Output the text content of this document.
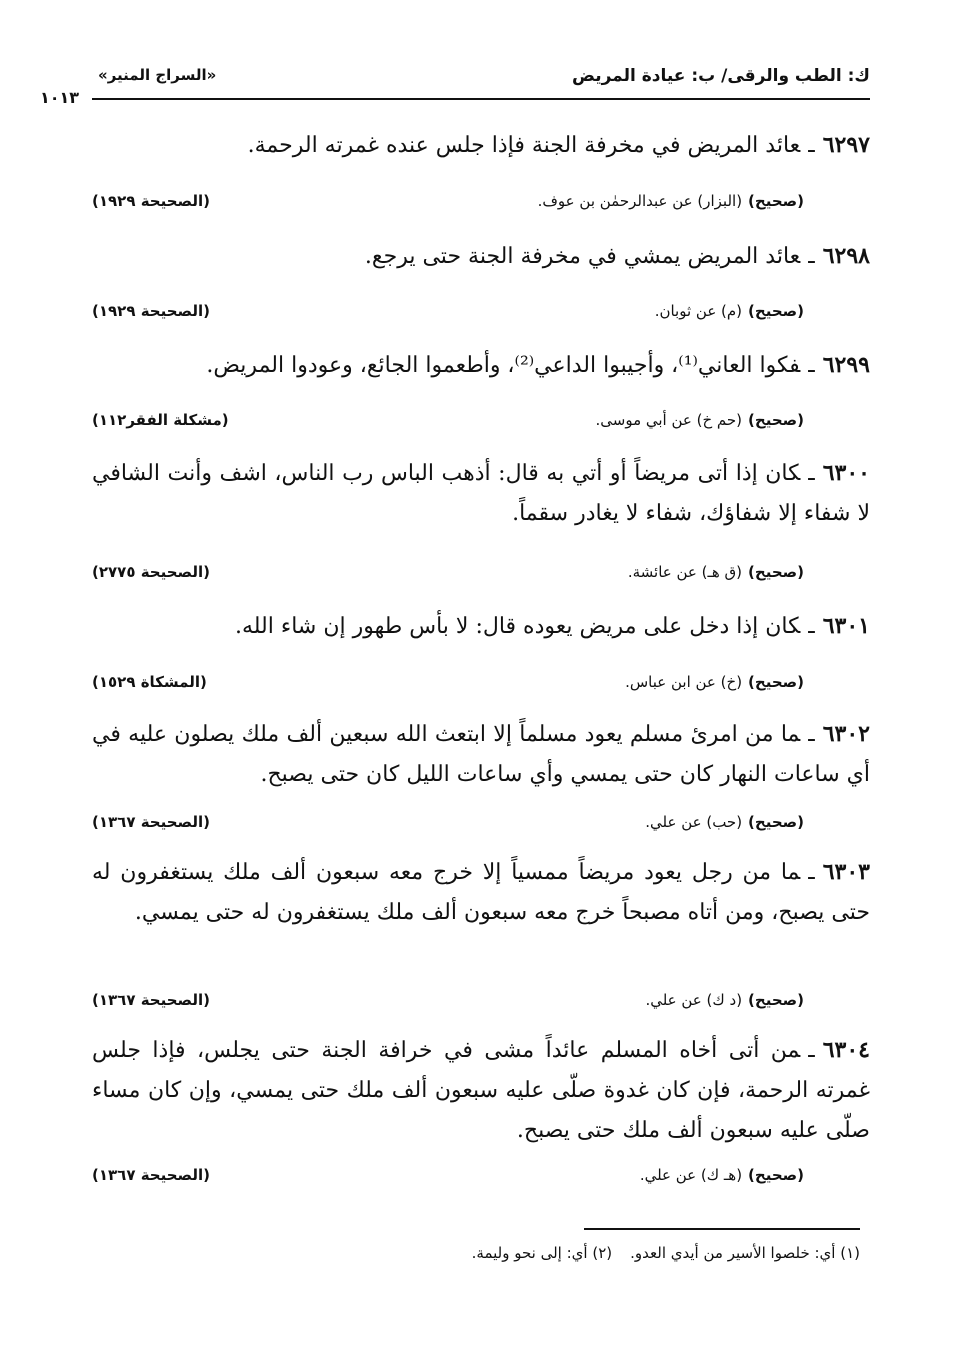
ك: الطب والرقى/ ب: عيادة المريض
«السراج المنير»
١٠١٣
٦٢٩٧ـعائد المريض في مخرفة الجنة فإذا جلس عنده غمرته الرحمة.
(صحيح)(البزار) عن عبدالرحمٰن بن عوف.
(الصحيحة ١٩٢٩)
٦٢٩٨ـعائد المريض يمشي في مخرفة الجنة حتى يرجع.
(صحيح)(م) عن ثوبان.
(الصحيحة ١٩٢٩)
٦٢٩٩ـفكوا العاني⁽¹⁾، وأجيبوا الداعي⁽²⁾، وأطعموا الجائع، وعودوا المريض.
(صحيح)(حم خ) عن أبي موسى.
(مشكلة الفقر١١٢)
٦٣٠٠ـكان إذا أتى مريضاً أو أتي به قال: أذهب الباس رب الناس، اشف وأنت الشافي لا شفاء إلا شفاؤك، شفاء لا يغادر سقماً.
(صحيح)(ق هـ) عن عائشة.
(الصحيحة ٢٧٧٥)
٦٣٠١ـكان إذا دخل على مريض يعوده قال: لا بأس طهور إن شاء الله.
(صحيح)(خ) عن ابن عباس.
(المشكاة ١٥٢٩)
٦٣٠٢ـما من امرئ مسلم يعود مسلماً إلا ابتعث الله سبعين ألف ملك يصلون عليه في أي ساعات النهار كان حتى يمسي وأي ساعات الليل كان حتى يصبح.
(صحيح)(حب) عن علي.
(الصحيحة ١٣٦٧)
٦٣٠٣ـما من رجل يعود مريضاً ممسياً إلا خرج معه سبعون ألف ملك يستغفرون له حتى يصبح، ومن أتاه مصبحاً خرج معه سبعون ألف ملك يستغفرون له حتى يمسي.
(صحيح)(د ك) عن علي.
(الصحيحة ١٣٦٧)
٦٣٠٤ـمن أتى أخاه المسلم عائداً مشى في خرافة الجنة حتى يجلس، فإذا جلس غمرته الرحمة، فإن كان غدوة صلّى عليه سبعون ألف ملك حتى يمسي، وإن كان مساء صلّى عليه سبعون ألف ملك حتى يصبح.
(صحيح)(هـ ك) عن علي.
(الصحيحة ١٣٦٧)
(١) أي: خلصوا الأسير من أيدي العدو.(٢) أي: إلى نحو وليمة.
